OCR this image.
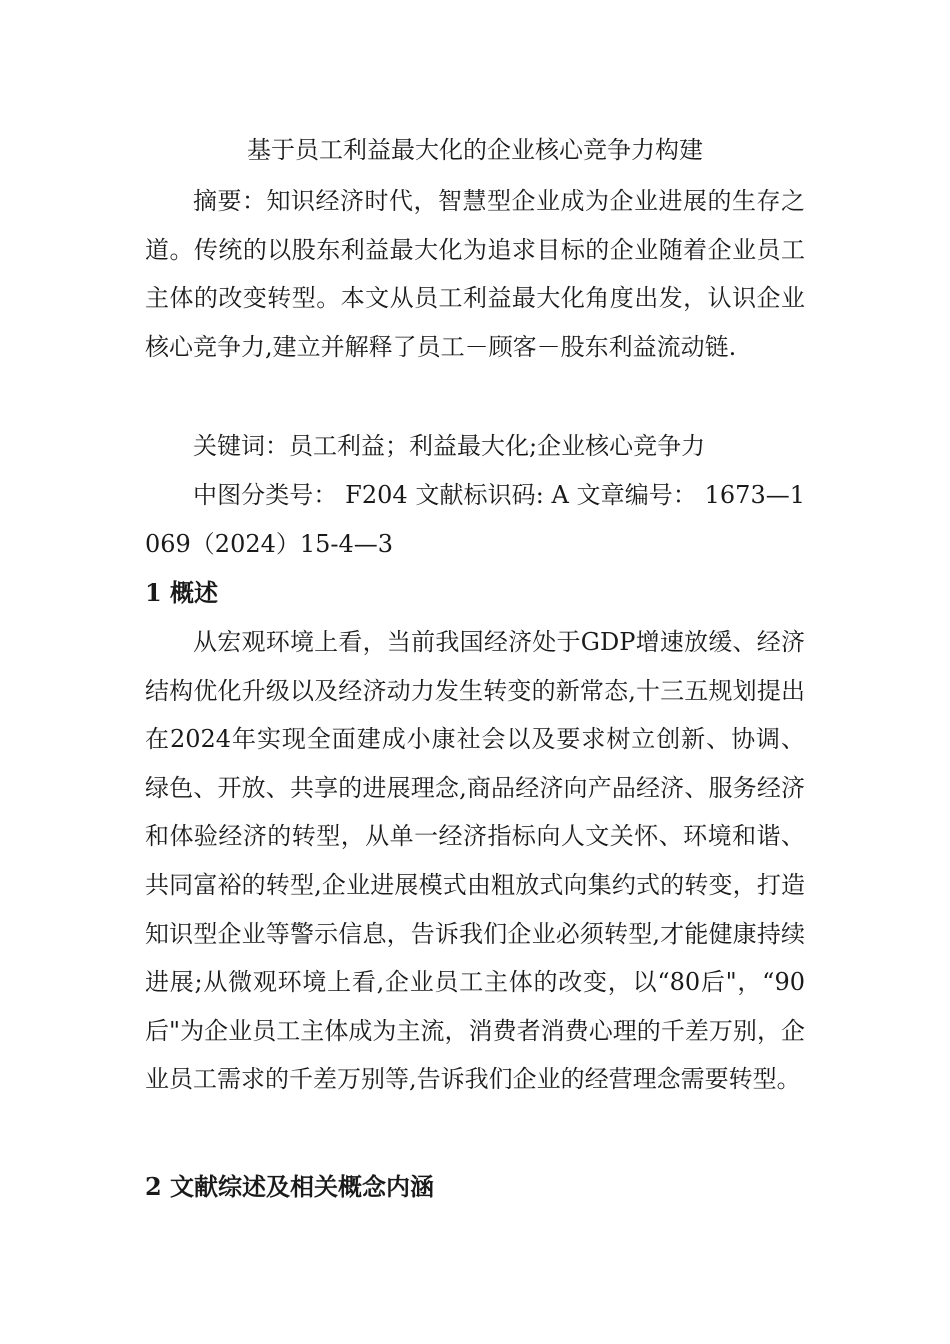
基于员工利益最大化的企业核心竞争力构建

摘要：知识经济时代，智慧型企业成为企业进展的生存之道。传统的以股东利益最大化为追求目标的企业随着企业员工主体的改变转型。本文从员工利益最大化角度出发，认识企业核心竞争力,建立并解释了员工－顾客－股东利益流动链.

关键词：员工利益；利益最大化;企业核心竞争力

中图分类号： F204 文献标识码: A 文章编号： 1673—1069（2024）15-4—3

1 概述

从宏观环境上看，当前我国经济处于GDP增速放缓、经济结构优化升级以及经济动力发生转变的新常态,十三五规划提出在2024年实现全面建成小康社会以及要求树立创新、协调、绿色、开放、共享的进展理念,商品经济向产品经济、服务经济和体验经济的转型，从单一经济指标向人文关怀、环境和谐、共同富裕的转型,企业进展模式由粗放式向集约式的转变，打造知识型企业等警示信息，告诉我们企业必须转型,才能健康持续进展;从微观环境上看,企业员工主体的改变，以“80后"，“90后"为企业员工主体成为主流，消费者消费心理的千差万别，企业员工需求的千差万别等,告诉我们企业的经营理念需要转型。

2 文献综述及相关概念内涵
